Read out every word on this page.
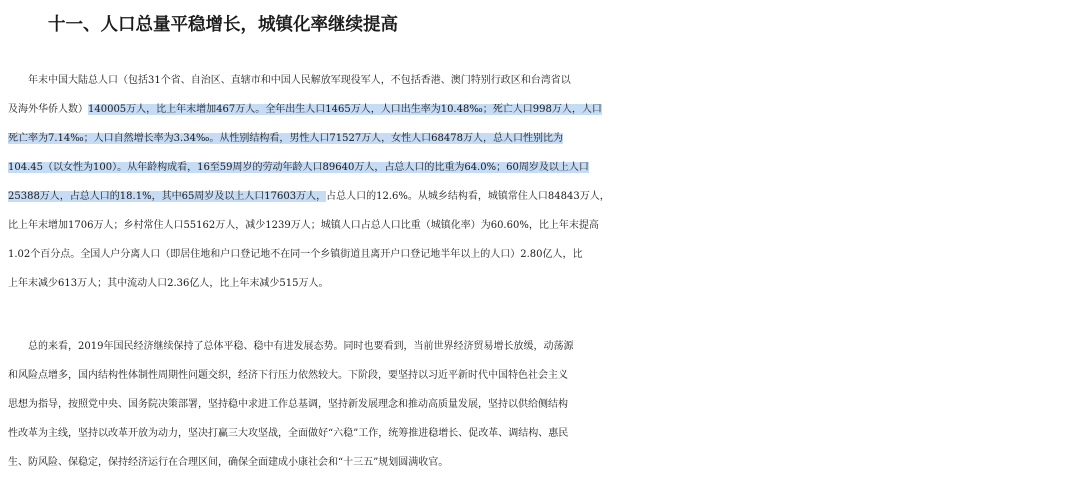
十一、人口总量平稳增长，城镇化率继续提高
　　年末中国大陆总人口（包括31个省、自治区、直辖市和中国人民解放军现役军人，不包括香港、澳门特别行政区和台湾省以
及海外华侨人数）140005万人，比上年末增加467万人。全年出生人口1465万人，人口出生率为10.48‰；死亡人口998万人，人口
死亡率为7.14‰；人口自然增长率为3.34‰。从性别结构看，男性人口71527万人，女性人口68478万人，总人口性别比为
104.45（以女性为100）。从年龄构成看，16至59周岁的劳动年龄人口89640万人，占总人口的比重为64.0%；60周岁及以上人口
25388万人，占总人口的18.1%，其中65周岁及以上人口17603万人，占总人口的12.6%。从城乡结构看，城镇常住人口84843万人，
比上年末增加1706万人；乡村常住人口55162万人，减少1239万人；城镇人口占总人口比重（城镇化率）为60.60%，比上年末提高
1.02个百分点。全国人户分离人口（即居住地和户口登记地不在同一个乡镇街道且离开户口登记地半年以上的人口）2.80亿人，比
上年末减少613万人；其中流动人口2.36亿人，比上年末减少515万人。
　　总的来看，2019年国民经济继续保持了总体平稳、稳中有进发展态势。同时也要看到，当前世界经济贸易增长放缓，动荡源
和风险点增多，国内结构性体制性周期性问题交织，经济下行压力依然较大。下阶段，要坚持以习近平新时代中国特色社会主义
思想为指导，按照党中央、国务院决策部署，坚持稳中求进工作总基调，坚持新发展理念和推动高质量发展，坚持以供给侧结构
性改革为主线，坚持以改革开放为动力，坚决打赢三大攻坚战，全面做好“六稳”工作，统筹推进稳增长、促改革、调结构、惠民
生、防风险、保稳定，保持经济运行在合理区间，确保全面建成小康社会和“十三五”规划圆满收官。
